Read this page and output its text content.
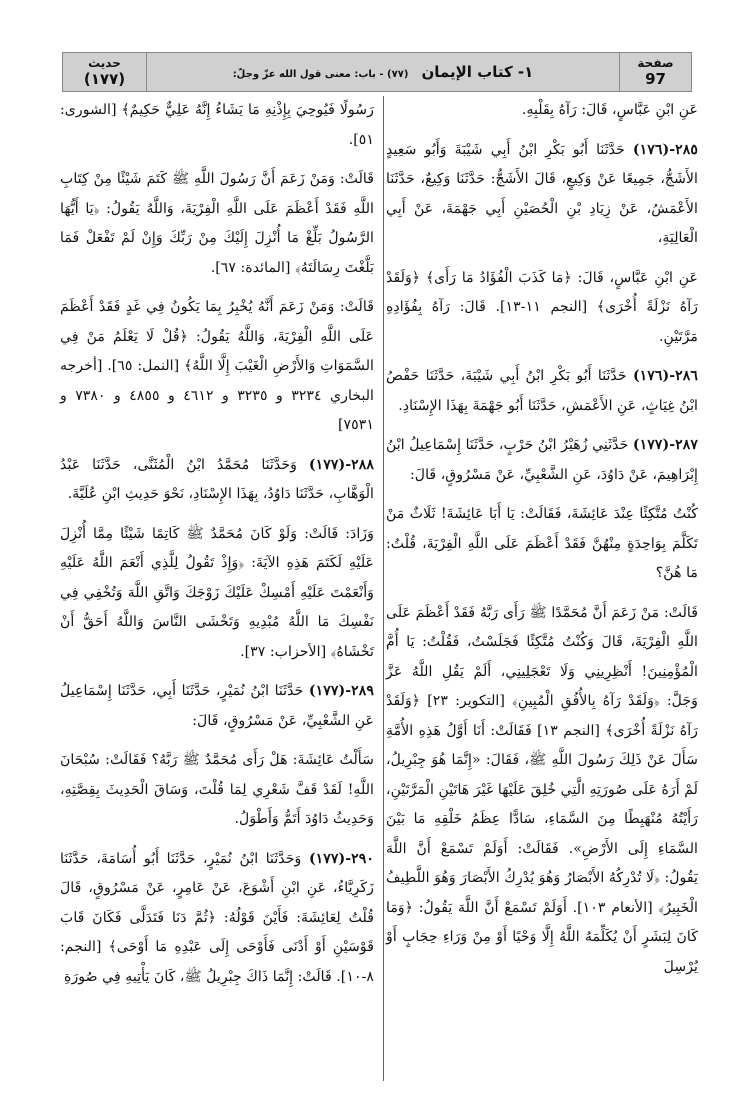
صفحة
97
١- كتاب الإيمان (٧٧) - باب: معنى قول الله عزّ وجلّ:
حديث
(١٧٧)

عَنِ ابْنِ عَبَّاسٍ، قَالَ: رَآهُ بِقَلْبِهِ.

٢٨٥-(١٧٦) حَدَّثَنَا أَبُو بَكْرِ ابْنُ أَبِي شَيْبَةَ وَأَبُو سَعِيدٍ الأَشَجُّ، جَمِيعًا عَنْ وَكِيعٍ، قَالَ الأَشَجُّ: حَدَّثَنَا وَكِيعٌ، حَدَّثَنَا الأَعْمَشُ، عَنْ زِيَادِ بْنِ الْحُصَيْنِ أَبِي جَهْمَةَ، عَنْ أَبِي الْعَالِيَةِ،

عَنِ ابْنِ عَبَّاسٍ، قَالَ: ﴿مَا كَذَبَ الْفُؤَادُ مَا رَأَى﴾ ﴿وَلَقَدْ رَآهُ نَزْلَةً أُخْرَى﴾ [النجم ١١-١٣]. قَالَ: رَآهُ بِفُؤَادِهِ مَرَّتَيْنِ.

٢٨٦-(١٧٦) حَدَّثَنَا أَبُو بَكْرِ ابْنُ أَبِي شَيْبَةَ، حَدَّثَنَا حَفْصُ ابْنُ غِيَاثٍ، عَنِ الأَعْمَشِ، حَدَّثَنَا أَبُو جَهْمَةَ بِهَذَا الإِسْنَادِ.

٢٨٧-(١٧٧) حَدَّثَنِي زُهَيْرُ ابْنُ حَرْبٍ، حَدَّثَنَا إِسْمَاعِيلُ ابْنُ إِبْرَاهِيمَ، عَنْ دَاوُدَ، عَنِ الشَّعْبِيِّ، عَنْ مَسْرُوقٍ، قَالَ:

كُنْتُ مُتَّكِئًا عِنْدَ عَائِشَةَ، فَقَالَتْ: يَا أَبَا عَائِشَةَ! ثَلَاثٌ مَنْ تَكَلَّمَ بِوَاحِدَةٍ مِنْهُنَّ فَقَدْ أَعْظَمَ عَلَى اللَّهِ الْفِرْيَةَ، قُلْتُ: مَا هُنَّ؟

قَالَتْ: مَنْ زَعَمَ أَنَّ مُحَمَّدًا ﷺ رَأَى رَبَّهُ فَقَدْ أَعْظَمَ عَلَى اللَّهِ الْفِرْيَةَ، قَالَ وَكُنْتُ مُتَّكِئًا فَجَلَسْتُ، فَقُلْتُ: يَا أُمَّ الْمُؤْمِنِينَ! أَنْظِرِينِي وَلَا تَعْجَلِينِي، أَلَمْ يَقُلِ اللَّهُ عَزَّ وَجَلَّ: ﴿وَلَقَدْ رَآهُ بِالأُفُقِ الْمُبِينِ﴾ [التكوير: ٢٣] ﴿وَلَقَدْ رَآهُ نَزْلَةً أُخْرَى﴾ [النجم ١٣] فَقَالَتْ: أَنَا أَوَّلُ هَذِهِ الأُمَّةِ سَأَلَ عَنْ ذَلِكَ رَسُولَ اللَّهِ ﷺ، فَقَالَ: «إِنَّمَا هُوَ جِبْرِيلُ، لَمْ أَرَهُ عَلَى صُورَتِهِ الَّتِي خُلِقَ عَلَيْهَا غَيْرَ هَاتَيْنِ الْمَرَّتَيْنِ، رَأَيْتُهُ مُنْهَبِطًا مِنَ السَّمَاءِ، سَادًّا عِظَمُ خَلْقِهِ مَا بَيْنَ السَّمَاءِ إِلَى الأَرْضِ». فَقَالَتْ: أَوَلَمْ تَسْمَعْ أَنَّ اللَّهَ يَقُولُ: ﴿لَا تُدْرِكُهُ الأَبْصَارُ وَهُوَ يُدْرِكُ الأَبْصَارَ وَهُوَ اللَّطِيفُ الْخَبِيرُ﴾ [الأنعام ١٠٣]. أَوَلَمْ تَسْمَعْ أَنَّ اللَّهَ يَقُولُ: ﴿وَمَا كَانَ لِبَشَرٍ أَنْ يُكَلِّمَهُ اللَّهُ إِلَّا وَحْيًا أَوْ مِنْ وَرَاءِ حِجَابٍ أَوْ يُرْسِلَ

رَسُولًا فَيُوحِيَ بِإِذْنِهِ مَا يَشَاءُ إِنَّهُ عَلِيٌّ حَكِيمٌ﴾ [الشورى: ٥١].

قَالَتْ: وَمَنْ زَعَمَ أَنَّ رَسُولَ اللَّهِ ﷺ كَتَمَ شَيْئًا مِنْ كِتَابِ اللَّهِ فَقَدْ أَعْظَمَ عَلَى اللَّهِ الْفِرْيَةَ، وَاللَّهُ يَقُولُ: ﴿يَا أَيُّهَا الرَّسُولُ بَلِّغْ مَا أُنْزِلَ إِلَيْكَ مِنْ رَبِّكَ وَإِنْ لَمْ تَفْعَلْ فَمَا بَلَّغْتَ رِسَالَتَهُ﴾ [المائدة: ٦٧].

قَالَتْ: وَمَنْ زَعَمَ أَنَّهُ يُخْبِرُ بِمَا يَكُونُ فِي غَدٍ فَقَدْ أَعْظَمَ عَلَى اللَّهِ الْفِرْيَةَ، وَاللَّهُ يَقُولُ: ﴿قُلْ لَا يَعْلَمُ مَنْ فِي السَّمَوَاتِ وَالأَرْضِ الْغَيْبَ إِلَّا اللَّهُ﴾ [النمل: ٦٥]. [أخرجه البخاري ٣٢٣٤ و ٣٢٣٥ و ٤٦١٢ و ٤٨٥٥ و ٧٣٨٠ و ٧٥٣١]

٢٨٨-(١٧٧) وَحَدَّثَنَا مُحَمَّدُ ابْنُ الْمُثَنَّى، حَدَّثَنَا عَبْدُ الْوَهَّابِ، حَدَّثَنَا دَاوُدُ، بِهَذَا الإِسْنَادِ، نَحْوَ حَدِيثِ ابْنِ عُلَيَّةَ.

وَزَادَ: قَالَتْ: وَلَوْ كَانَ مُحَمَّدٌ ﷺ كَاتِمًا شَيْئًا مِمَّا أُنْزِلَ عَلَيْهِ لَكَتَمَ هَذِهِ الآيَةَ: ﴿وَإِذْ تَقُولُ لِلَّذِي أَنْعَمَ اللَّهُ عَلَيْهِ وَأَنْعَمْتَ عَلَيْهِ أَمْسِكْ عَلَيْكَ زَوْجَكَ وَاتَّقِ اللَّهَ وَتُخْفِي فِي نَفْسِكَ مَا اللَّهُ مُبْدِيهِ وَتَخْشَى النَّاسَ وَاللَّهُ أَحَقُّ أَنْ تَخْشَاهُ﴾ [الأحزاب: ٣٧].

٢٨٩-(١٧٧) حَدَّثَنَا ابْنُ نُمَيْرٍ، حَدَّثَنَا أَبِي، حَدَّثَنَا إِسْمَاعِيلُ عَنِ الشَّعْبِيِّ، عَنْ مَسْرُوقٍ، قَالَ:

سَأَلْتُ عَائِشَةَ: هَلْ رَأَى مُحَمَّدٌ ﷺ رَبَّهُ؟ فَقَالَتْ: سُبْحَانَ اللَّهِ! لَقَدْ قَفَّ شَعْرِي لِمَا قُلْتَ، وَسَاقَ الْحَدِيثَ بِقِصَّتِهِ، وَحَدِيثُ دَاوُدَ أَتَمُّ وَأَطْوَلُ.

٢٩٠-(١٧٧) وَحَدَّثَنَا ابْنُ نُمَيْرٍ، حَدَّثَنَا أَبُو أُسَامَةَ، حَدَّثَنَا زَكَرِيَّاءُ، عَنِ ابْنِ أَشْوَعَ، عَنْ عَامِرٍ، عَنْ مَسْرُوقٍ، قَالَ قُلْتُ لِعَائِشَةَ: فَأَيْنَ قَوْلُهُ: ﴿ثُمَّ دَنَا فَتَدَلَّى فَكَانَ قَابَ قَوْسَيْنِ أَوْ أَدْنَى فَأَوْحَى إِلَى عَبْدِهِ مَا أَوْحَى﴾ [النجم: ٨-١٠]. قَالَتْ: إِنَّمَا ذَاكَ جِبْرِيلُ ﷺ، كَانَ يَأْتِيهِ فِي صُورَةِ
